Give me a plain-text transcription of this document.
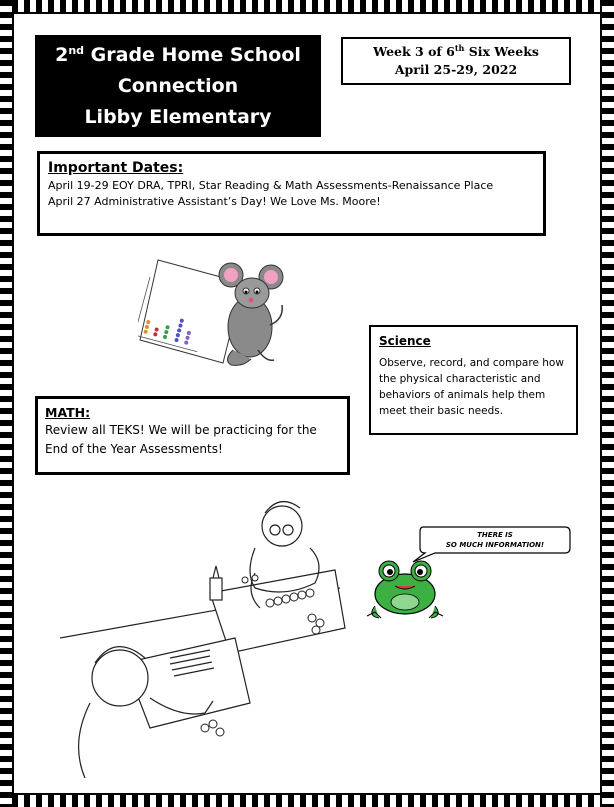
2nd Grade Home School
Connection
Libby Elementary
Week 3 of 6th Six Weeks
April 25-29, 2022
Important Dates:
April 19-29 EOY DRA, TPRI, Star Reading & Math Assessments-Renaissance Place
April 27 Administrative Assistant’s Day! We Love Ms. Moore!
Science
Observe, record, and compare how
the physical characteristic and
behaviors of animals help them
meet their basic needs.
MATH:
Review all TEKS! We will be practicing for the
End of the Year Assessments!
THERE IS
SO MUCH INFORMATION!
